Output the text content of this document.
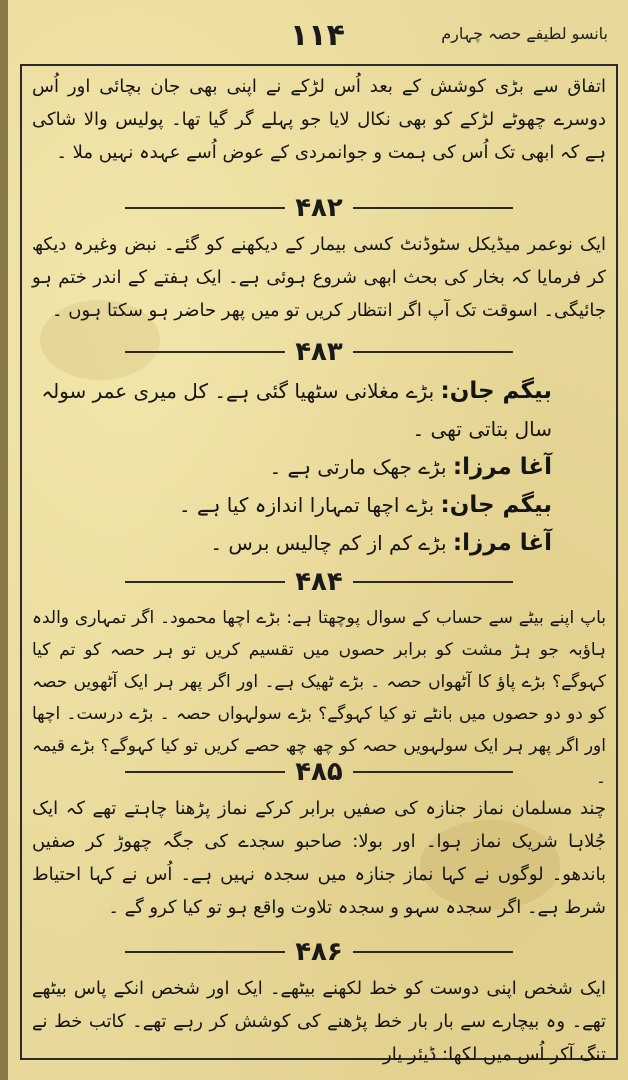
۱۱۴	بانسو لطیفے حصہ چہارم

اتفاق سے بڑی کوشش کے بعد اُس لڑکے نے اپنی بھی جان بچائی اور اُس دوسرے چھوٹے لڑکے کو بھی نکال لایا جو پہلے گر گیا تھا۔ پولیس والا شاکی ہے کہ ابھی تک اُس کی ہمت و جوانمردی کے عوض اُسے عہدہ نہیں ملا ۔

۴۸۲

ایک نوعمر میڈیکل سٹوڈنٹ کسی بیمار کے دیکھنے کو گئے۔ نبض وغیرہ دیکھ کر فرمایا کہ بخار کی بحث ابھی شروع ہوئی ہے۔ ایک ہفتے کے اندر ختم ہو جائیگی۔ اسوقت تک آپ اگر انتظار کریں تو میں پھر حاضر ہو سکتا ہوں ۔

۴۸۳

بیگم جان: بڑے مغلانی سٹھیا گئی ہے۔ کل میری عمر سولہ سال بتاتی تھی ۔

آغا مرزا: بڑے جھک مارتی ہے ۔

بیگم جان: بڑے اچھا تمہارا اندازہ کیا ہے ۔

آغا مرزا: بڑے کم از کم چالیس برس ۔

۴۸۴

باپ اپنے بیٹے سے حساب کے سوال پوچھتا ہے: بڑے اچھا محمود۔ اگر تمہاری والدہ ہاؤبہ جو ہڑ مشت کو برابر حصوں میں تقسیم کریں تو ہر حصہ کو تم کیا کہوگے؟ بڑے پاؤ کا آٹھواں حصہ ۔ بڑے ٹھیک ہے۔ اور اگر پھر ہر ایک آٹھویں حصہ کو دو دو حصوں میں بانٹے تو کیا کہوگے؟ بڑے سولہواں حصہ ۔ بڑے درست۔ اچھا اور اگر پھر ہر ایک سولہویں حصہ کو چھ چھ حصے کریں تو کیا کہوگے؟ بڑے قیمہ ۔

۴۸۵

چند مسلمان نماز جنازہ کی صفیں برابر کرکے نماز پڑھنا چاہتے تھے کہ ایک جُلاہا شریک نماز ہوا۔ اور بولا: صاحبو سجدے کی جگہ چھوڑ کر صفیں باندھو۔ لوگوں نے کہا نماز جنازہ میں سجدہ نہیں ہے۔ اُس نے کہا احتیاط شرط ہے۔ اگر سجدہ سہو و سجدہ تلاوت واقع ہو تو کیا کرو گے ۔

۴۸۶

ایک شخص اپنی دوست کو خط لکھنے بیٹھے۔ ایک اور شخص انکے پاس بیٹھے تھے۔ وہ بیچارے سے بار بار خط پڑھنے کی کوشش کر رہے تھے۔ کاتب خط نے تنگ آکر اُس میں لکھا: ڈیئر یار
